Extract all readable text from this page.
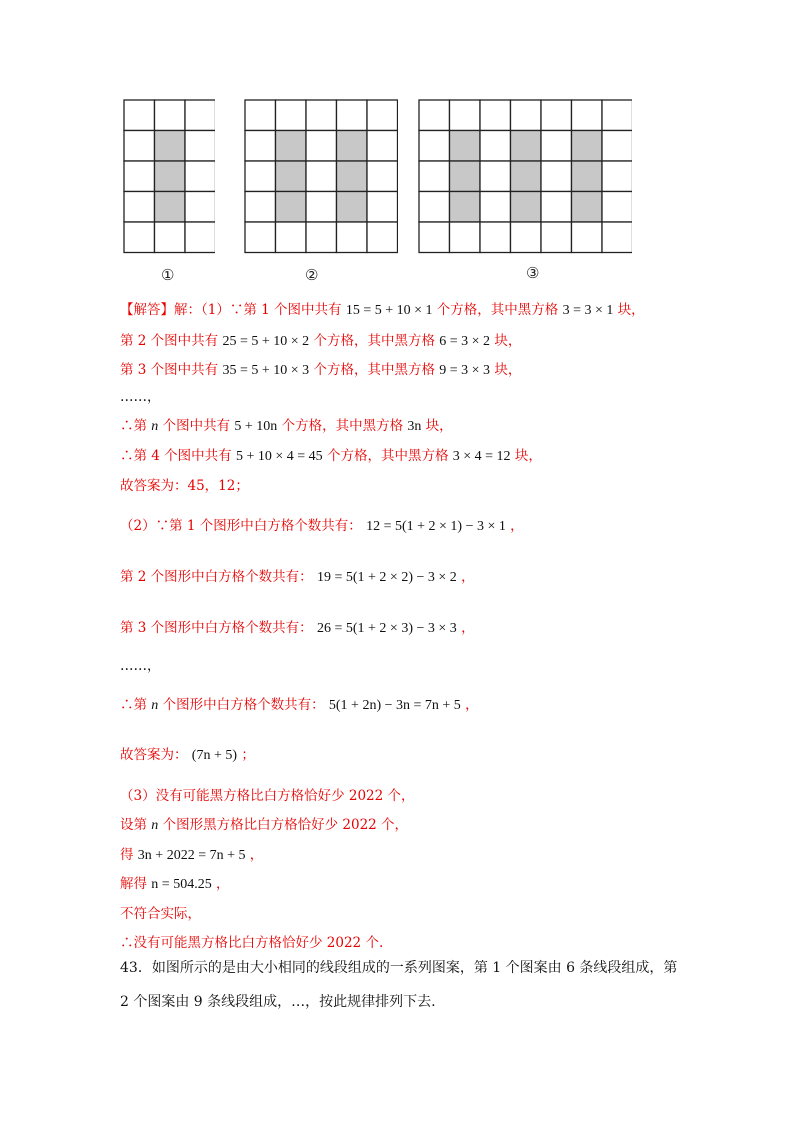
①	②	③
【解答】解：（1）∵第 1 个图中共有 15 = 5 + 10 × 1 个方格，其中黑方格 3 = 3 × 1 块，
第 2 个图中共有 25 = 5 + 10 × 2 个方格，其中黑方格 6 = 3 × 2 块，
第 3 个图中共有 35 = 5 + 10 × 3 个方格，其中黑方格 9 = 3 × 3 块，
……，
∴第 n 个图中共有 5 + 10n 个方格，其中黑方格 3n 块，
∴第 4 个图中共有 5 + 10 × 4 = 45 个方格，其中黑方格 3 × 4 = 12 块，
故答案为：45，12；
（2）∵第 1 个图形中白方格个数共有： 12 = 5(1 + 2 × 1) − 3 × 1 ，
第 2 个图形中白方格个数共有： 19 = 5(1 + 2 × 2) − 3 × 2 ，
第 3 个图形中白方格个数共有： 26 = 5(1 + 2 × 3) − 3 × 3 ，
……，
∴第 n 个图形中白方格个数共有： 5(1 + 2n) − 3n = 7n + 5 ，
故答案为： (7n + 5) ；
（3）没有可能黑方格比白方格恰好少 2022 个，
设第 n 个图形黑方格比白方格恰好少 2022 个，
得 3n + 2022 = 7n + 5 ，
解得 n = 504.25 ，
不符合实际，
∴没有可能黑方格比白方格恰好少 2022 个.
43．如图所示的是由大小相同的线段组成的一系列图案，第 1 个图案由 6 条线段组成，第 2 个图案由 9 条线段组成，…，按此规律排列下去.
